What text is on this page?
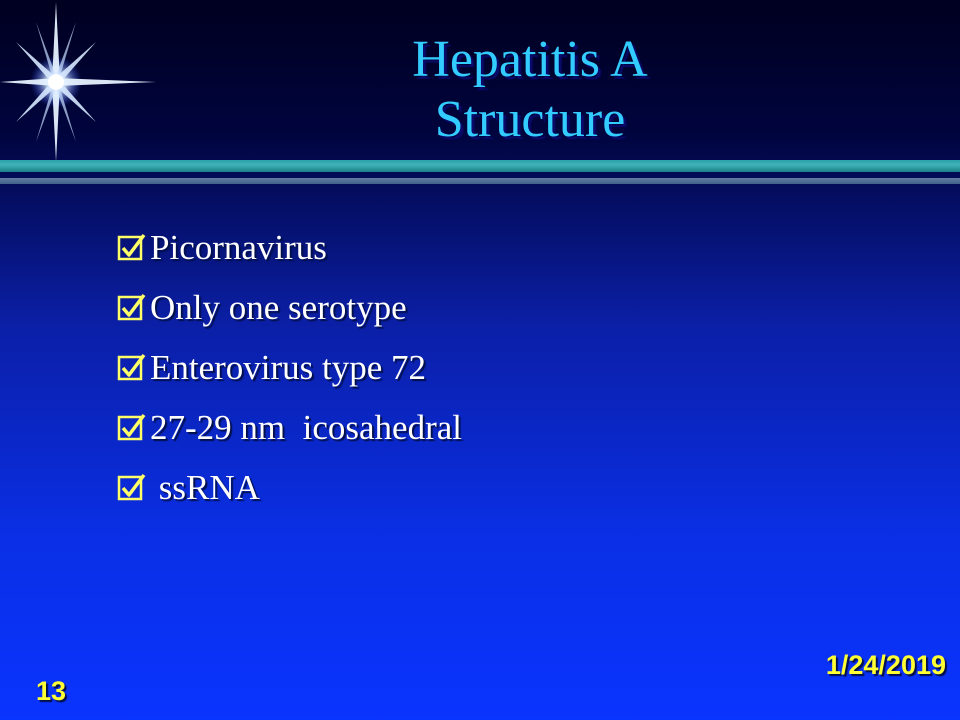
Hepatitis A
Structure
Picornavirus
Only one serotype
Enterovirus type 72
27-29 nm  icosahedral
ssRNA
1/24/2019
13
